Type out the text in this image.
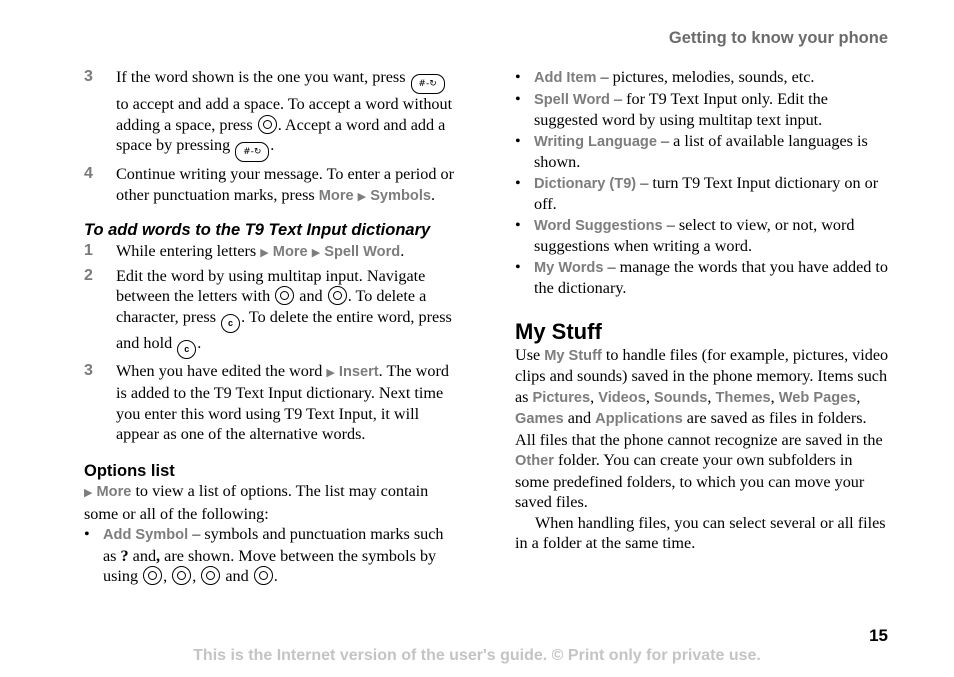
Getting to know your phone
3 If the word shown is the one you want, press #-↻ to accept and add a space. To accept a word without adding a space, press . Accept a word and add a space by pressing #-↻ .
4 Continue writing your message. To enter a period or other punctuation marks, press More ▶ Symbols.
To add words to the T9 Text Input dictionary
1 While entering letters ▶ More ▶ Spell Word.
2 Edit the word by using multitap input. Navigate between the letters with and . To delete a character, press c . To delete the entire word, press and hold c .
3 When you have edited the word ▶ Insert. The word is added to the T9 Text Input dictionary. Next time you enter this word using T9 Text Input, it will appear as one of the alternative words.
Options list

▶ More to view a list of options. The list may contain some or all of the following:

• Add Symbol – symbols and punctuation marks such as ? and, are shown. Move between the symbols by using , , and .

• Add Item – pictures, melodies, sounds, etc.

• Spell Word – for T9 Text Input only. Edit the suggested word by using multitap text input.

• Writing Language – a list of available languages is shown.

• Dictionary (T9) – turn T9 Text Input dictionary on or off.

• Word Suggestions – select to view, or not, word suggestions when writing a word.

• My Words – manage the words that you have added to the dictionary.

My Stuff

Use My Stuff to handle files (for example, pictures, video clips and sounds) saved in the phone memory. Items such as Pictures, Videos, Sounds, Themes, Web Pages, Games and Applications are saved as files in folders. All files that the phone cannot recognize are saved in the Other folder. You can create your own subfolders in some predefined folders, to which you can move your saved files.

When handling files, you can select several or all files in a folder at the same time.

15
This is the Internet version of the user's guide. © Print only for private use.
